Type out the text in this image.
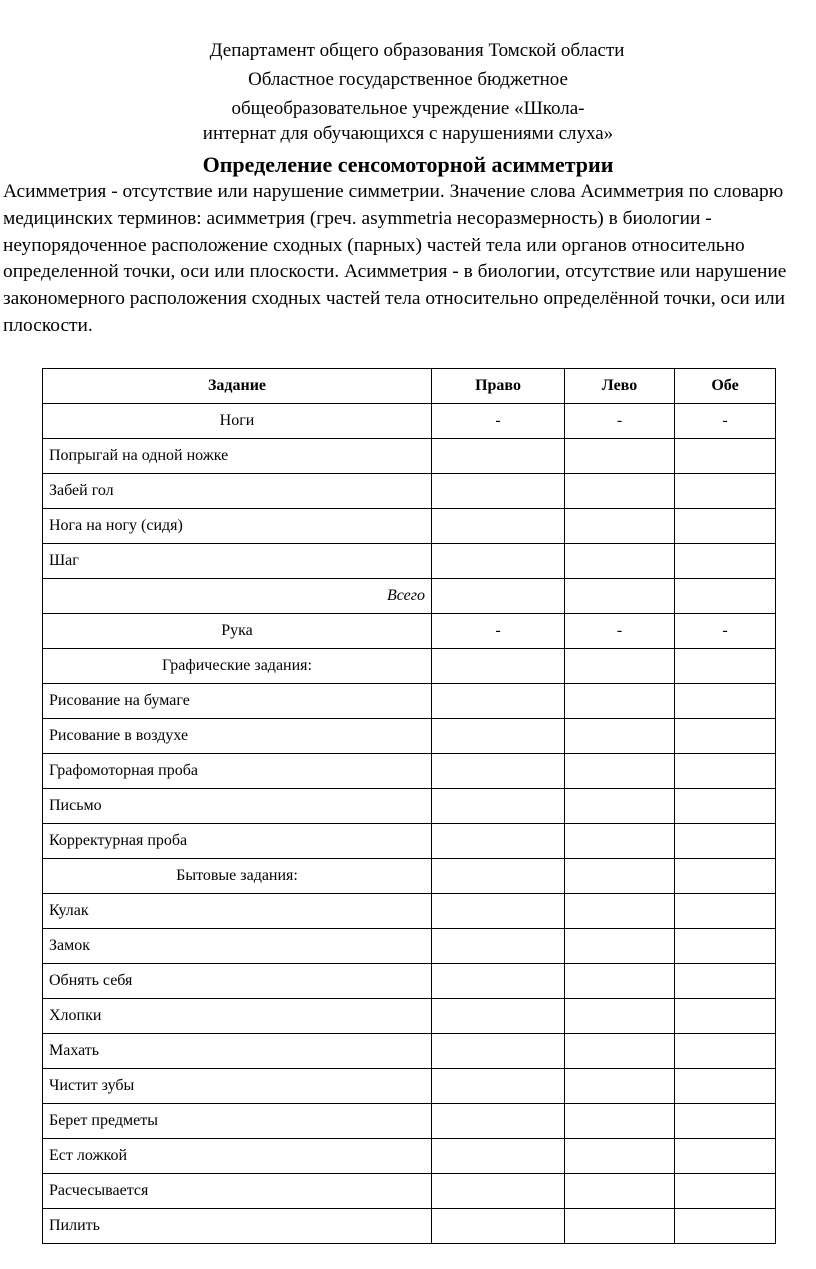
Департамент общего образования Томской области
Областное государственное бюджетное
общеобразовательное учреждение «Школа-
интернат для обучающихся с нарушениями слуха»
Определение сенсомоторной асимметрии

Асимметрия - отсутствие или нарушение симметрии. Значение слова Асимметрия по словарю медицинских терминов: асимметрия (греч. asymmetria несоразмерность) в биологии - неупорядоченное расположение сходных (парных) частей тела или органов относительно определенной точки, оси или плоскости. Асимметрия - в биологии, отсутствие или нарушение закономерного расположения сходных частей тела относительно определённой точки, оси или плоскости.

Задание	Право	Лево	Обе
Ноги	-	-	-
Попрыгай на одной ножке			
Забей гол			
Нога на ногу (сидя)			
Шаг			
Всего			
Рука	-	-	-
Графические задания:			
Рисование на бумаге			
Рисование в воздухе			
Графомоторная проба			
Письмо			
Корректурная проба			
Бытовые задания:			
Кулак			
Замок			
Обнять себя			
Хлопки			
Махать			
Чистит зубы			
Берет предметы			
Ест ложкой			
Расчесывается			
Пилить			
